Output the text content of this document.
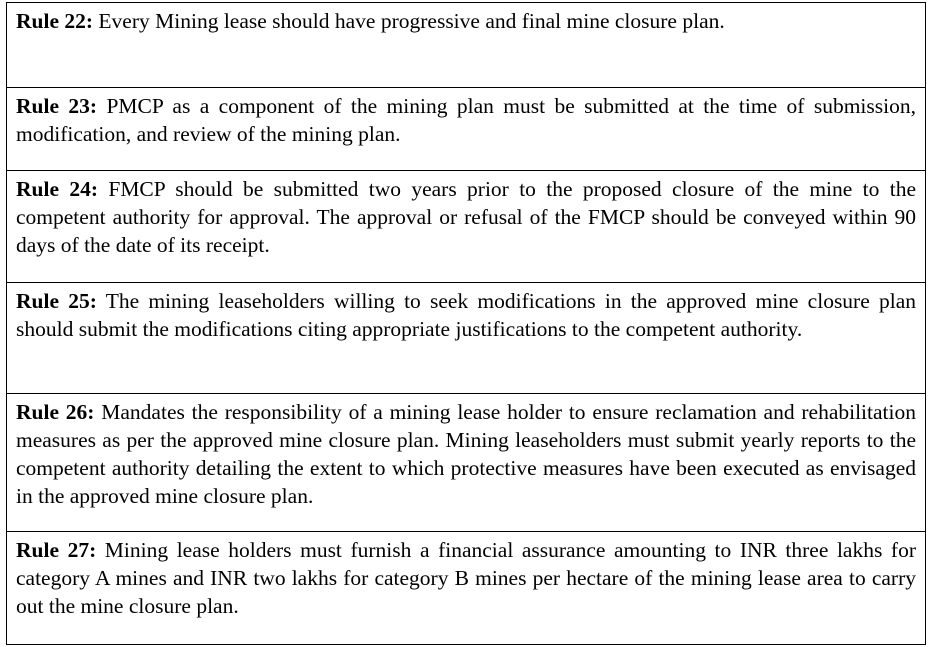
Rule 22: Every Mining lease should have progressive and final mine closure plan.
Rule 23: PMCP as a component of the mining plan must be submitted at the time of submission, modification, and review of the mining plan.
Rule 24: FMCP should be submitted two years prior to the proposed closure of the mine to the competent authority for approval. The approval or refusal of the FMCP should be conveyed within 90 days of the date of its receipt.
Rule 25: The mining leaseholders willing to seek modifications in the approved mine closure plan should submit the modifications citing appropriate justifications to the competent authority.
Rule 26: Mandates the responsibility of a mining lease holder to ensure reclamation and rehabilitation measures as per the approved mine closure plan. Mining leaseholders must submit yearly reports to the competent authority detailing the extent to which protective measures have been executed as envisaged in the approved mine closure plan.
Rule 27: Mining lease holders must furnish a financial assurance amounting to INR three lakhs for category A mines and INR two lakhs for category B mines per hectare of the mining lease area to carry out the mine closure plan.
